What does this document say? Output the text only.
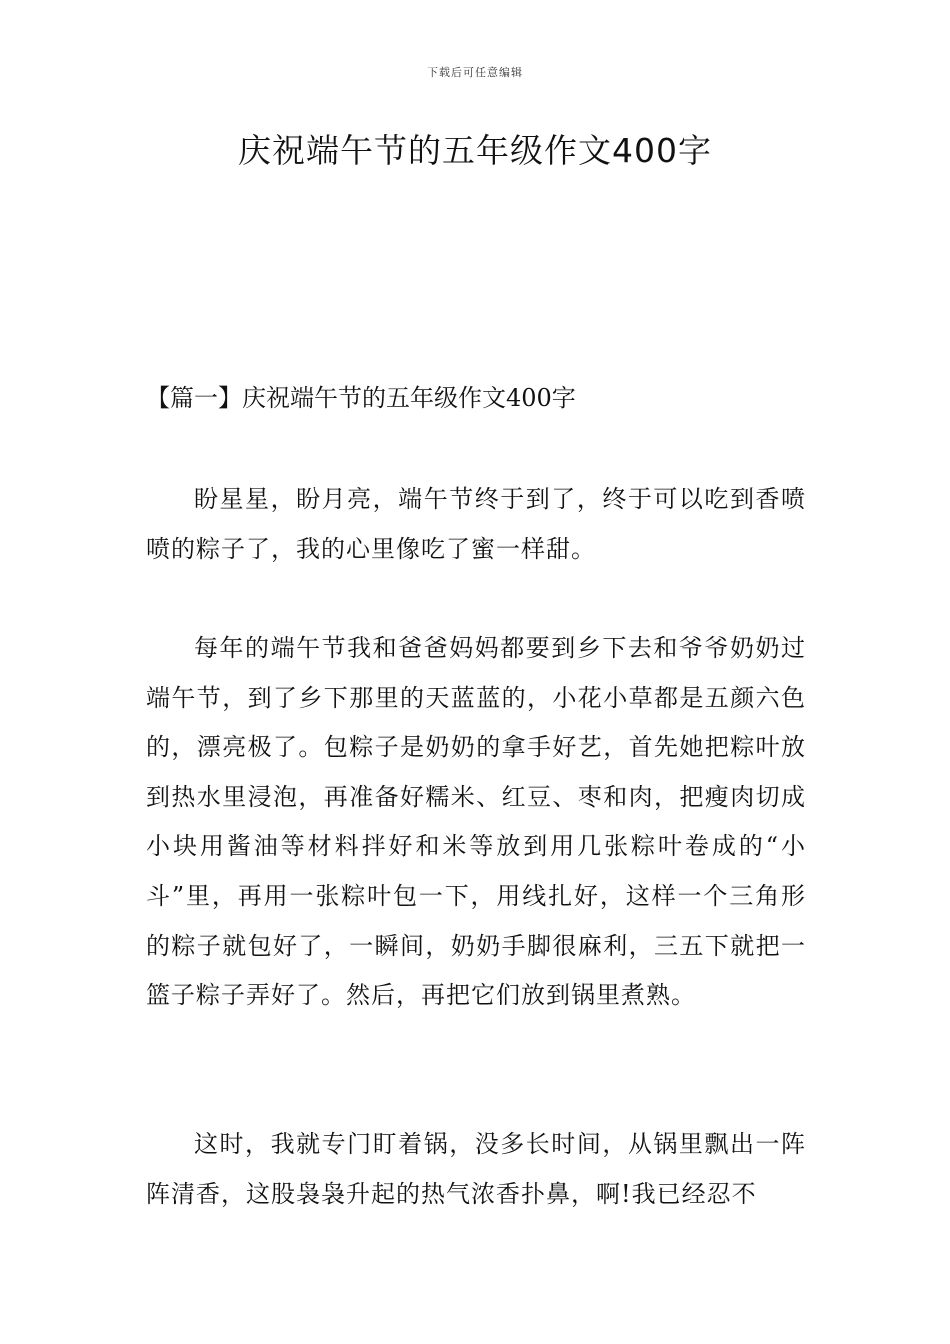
下载后可任意编辑
庆祝端午节的五年级作文400字
【篇一】庆祝端午节的五年级作文400字

盼星星，盼月亮，端午节终于到了，终于可以吃到香喷喷的粽子了，我的心里像吃了蜜一样甜。

每年的端午节我和爸爸妈妈都要到乡下去和爷爷奶奶过端午节，到了乡下那里的天蓝蓝的，小花小草都是五颜六色的，漂亮极了。包粽子是奶奶的拿手好艺，首先她把粽叶放到热水里浸泡，再准备好糯米、红豆、枣和肉，把瘦肉切成小块用酱油等材料拌好和米等放到用几张粽叶卷成的“小斗”里，再用一张粽叶包一下，用线扎好，这样一个三角形的粽子就包好了，一瞬间，奶奶手脚很麻利，三五下就把一篮子粽子弄好了。然后，再把它们放到锅里煮熟。

这时，我就专门盯着锅，没多长时间，从锅里飘出一阵阵清香，这股袅袅升起的热气浓香扑鼻，啊!我已经忍不
